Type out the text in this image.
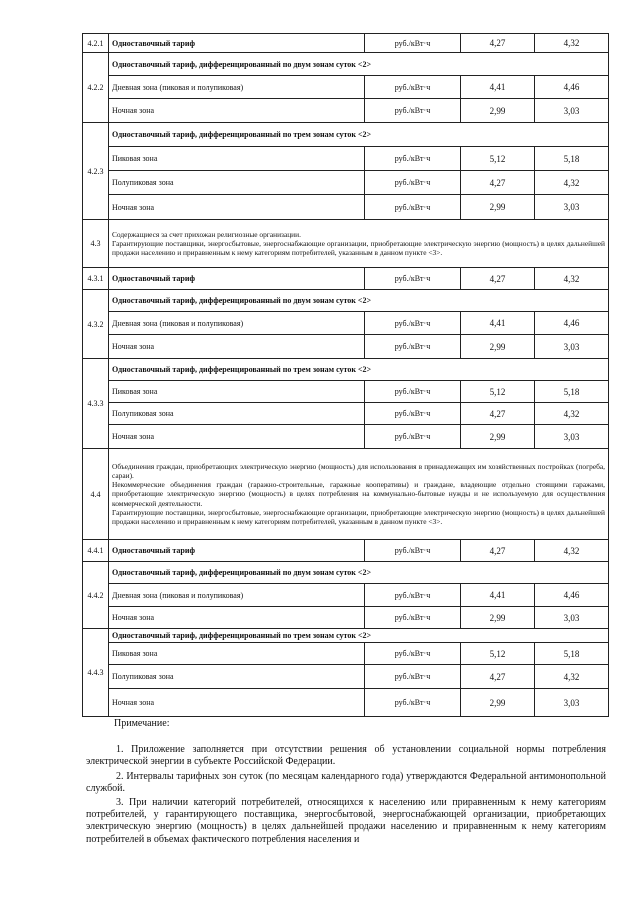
4.2.1	Одноставочный тариф	руб./кВт·ч	4,27	4,32
4.2.2	Одноставочный тариф, дифференцированный по двум зонам суток <2>			
	Дневная зона (пиковая и полупиковая)	руб./кВт·ч	4,41	4,46
	Ночная зона	руб./кВт·ч	2,99	3,03
4.2.3	Одноставочный тариф, дифференцированный по трем зонам суток <2>			
	Пиковая зона	руб./кВт·ч	5,12	5,18
	Полупиковая зона	руб./кВт·ч	4,27	4,32
	Ночная зона	руб./кВт·ч	2,99	3,03
4.3	Содержащиеся за счет прихожан религиозные организации.
Гарантирующие поставщики, энергосбытовые, энергоснабжающие организации, приобретающие электрическую энергию (мощность) в целях дальнейшей продажи населению и приравненным к нему категориям потребителей, указанным в данном пункте <3>.			

4.3.1	Одноставочный тариф	руб./кВт·ч	4,27	4,32
4.3.2	Одноставочный тариф, дифференцированный по двум зонам суток <2>			
	Дневная зона (пиковая и полупиковая)	руб./кВт·ч	4,41	4,46
	Ночная зона	руб./кВт·ч	2,99	3,03
4.3.3	Одноставочный тариф, дифференцированный по трем зонам суток <2>			
	Пиковая зона	руб./кВт·ч	5,12	5,18
	Полупиковая зона	руб./кВт·ч	4,27	4,32
	Ночная зона	руб./кВт·ч	2,99	3,03
4.4	Объединения граждан, приобретающих электрическую энергию (мощность) для использования в принадлежащих им хозяйственных постройках (погреба, сараи).
Некоммерческие объединения граждан (гаражно-строительные, гаражные кооперативы) и граждане, владеющие отдельно стоящими гаражами, приобретающие электрическую энергию (мощность) в целях потребления на коммунально-бытовые нужды и не используемую для осуществления коммерческой деятельности.
Гарантирующие поставщики, энергосбытовые, энергоснабжающие организации, приобретающие электрическую энергию (мощность) в целях дальнейшей продажи населению и приравненным к нему категориям потребителей, указанным в данном пункте <3>.			

4.4.1	Одноставочный тариф	руб./кВт·ч	4,27	4,32
4.4.2	Одноставочный тариф, дифференцированный по двум зонам суток <2>			
	Дневная зона (пиковая и полупиковая)	руб./кВт·ч	4,41	4,46
	Ночная зона	руб./кВт·ч	2,99	3,03
4.4.3	Одноставочный тариф, дифференцированный по трем зонам суток <2>			
	Пиковая зона	руб./кВт·ч	5,12	5,18
	Полупиковая зона	руб./кВт·ч	4,27	4,32
	Ночная зона	руб./кВт·ч	2,99	3,03

Примечание:

1. Приложение заполняется при отсутствии решения об установлении социальной нормы потребления электрической энергии в субъекте Российской Федерации.

2. Интервалы тарифных зон суток (по месяцам календарного года) утверждаются Федеральной антимонопольной службой.

3. При наличии категорий потребителей, относящихся к населению или приравненным к нему категориям потребителей, у гарантирующего поставщика, энергосбытовой, энергоснабжающей организации, приобретающих электрическую энергию (мощность) в целях дальнейшей продажи населению и приравненным к нему категориям потребителей в объемах фактического потребления населения и
